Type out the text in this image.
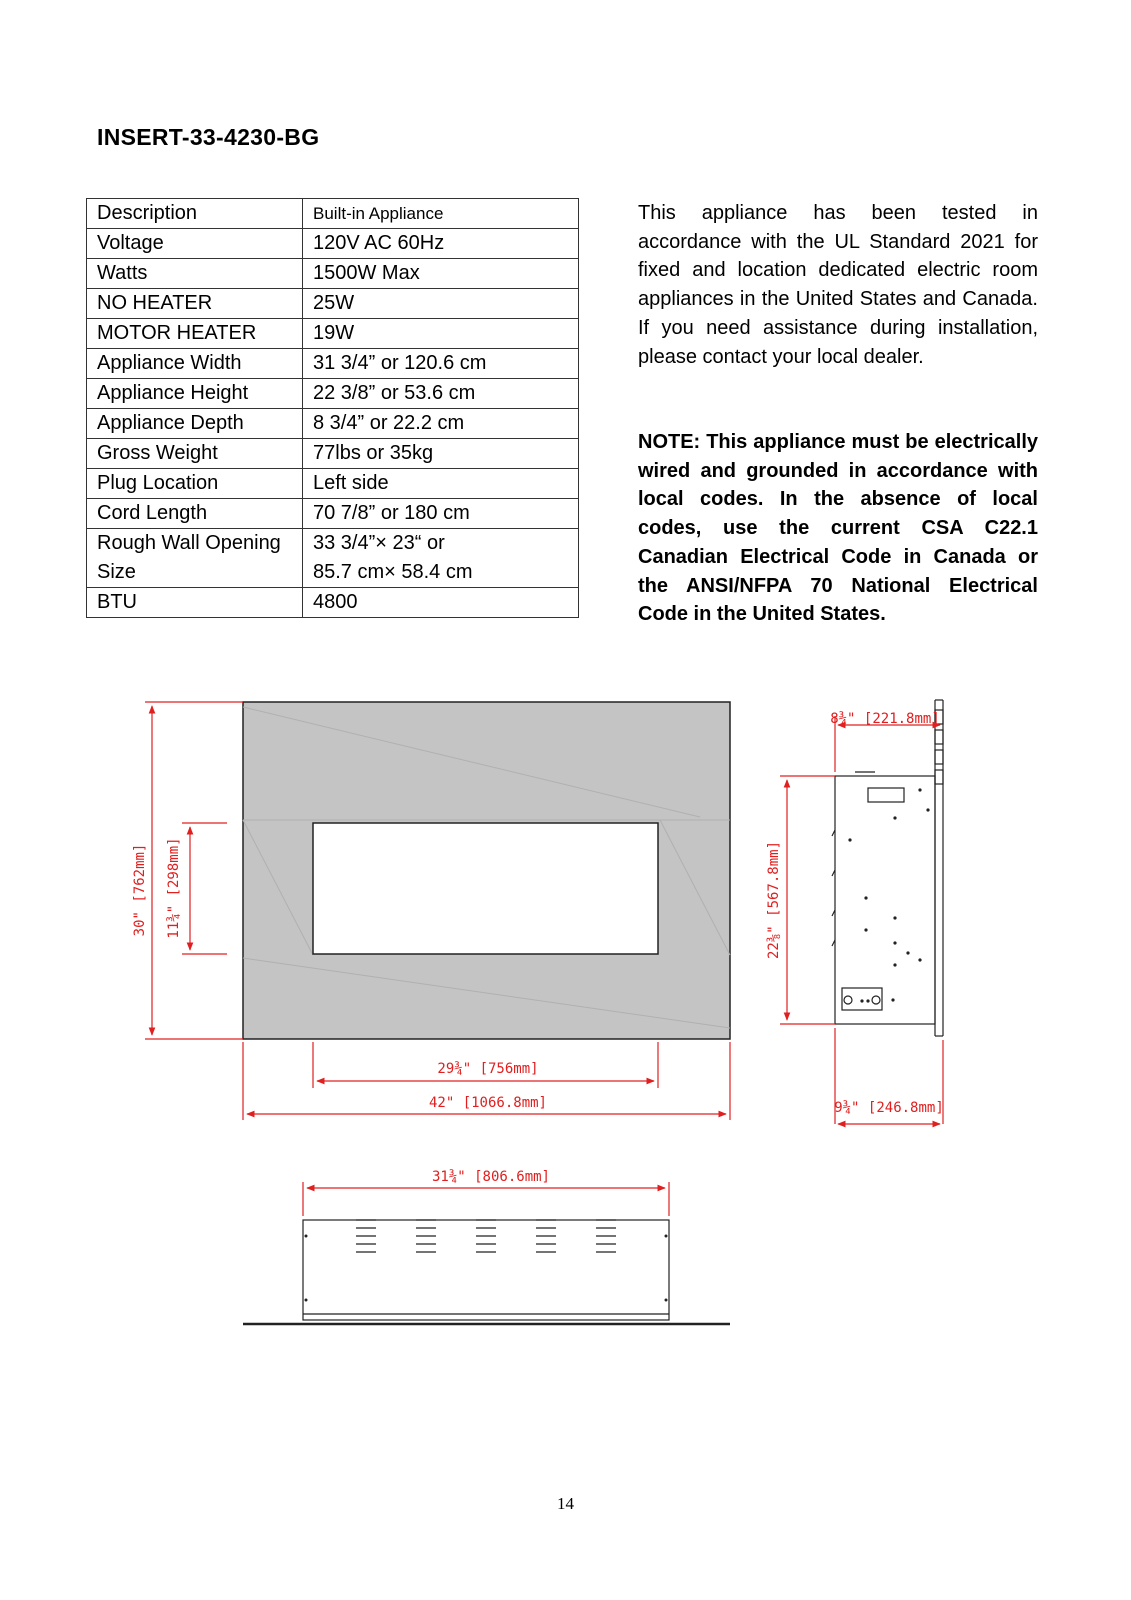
INSERT-33-4230-BG
Description	Built-in Appliance
Voltage	120V AC 60Hz
Watts	1500W Max
NO HEATER	25W
MOTOR HEATER	19W
Appliance Width	31 3/4” or 120.6 cm
Appliance Height	22 3/8” or 53.6 cm
Appliance Depth	8 3/4” or 22.2 cm
Gross Weight	77lbs or 35kg
Plug Location	Left side
Cord Length	70 7/8” or 180 cm
Rough Wall Opening Size	33 3/4”× 23“ or
85.7 cm× 58.4 cm

BTU	4800

This appliance has been tested in accordance with the UL Standard 2021 for fixed and location dedicated electric room appliances in the United States and Canada. If you need assistance during installation, please contact your local dealer.

NOTE: This appliance must be electrically wired and grounded in accordance with local codes. In the absence of local codes, use the current CSA C22.1 Canadian Electrical Code in Canada or the ANSI/NFPA 70 National Electrical Code in the United States.

30" [762mm] 11¾" [298mm]
29¾" [756mm]
42" [1066.8mm]
8¾" [221.8mm]
22⅜" [567.8mm]
9¾" [246.8mm]
31¾" [806.6mm]
14
